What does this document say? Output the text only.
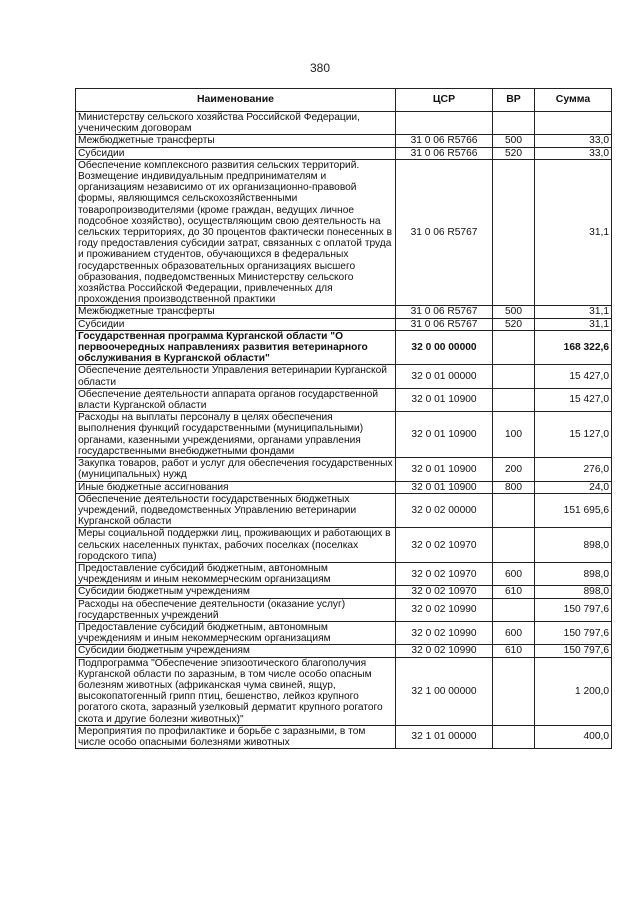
380
Наименование	ЦСР	ВР	Сумма
Министерству сельского хозяйства Российской Федерации, ученическим договорам			
Межбюджетные трансферты	31 0 06 R5766	500	33,0
Субсидии	31 0 06 R5766	520	33,0
Обеспечение комплексного развития сельских территорий. Возмещение индивидуальным предпринимателям и организациям независимо от их организационно-правовой формы, являющимся сельскохозяйственными товаропроизводителями (кроме граждан, ведущих личное подсобное хозяйство), осуществляющим свою деятельность на сельских территориях, до 30 процентов фактически понесенных в году предоставления субсидии затрат, связанных с оплатой труда и проживанием студентов, обучающихся в федеральных государственных образовательных организациях высшего образования, подведомственных Министерству сельского хозяйства Российской Федерации, привлеченных для прохождения производственной практики	31 0 06 R5767		31,1
Межбюджетные трансферты	31 0 06 R5767	500	31,1
Субсидии	31 0 06 R5767	520	31,1
Государственная программа Курганской области "О первоочередных направлениях развития ветеринарного обслуживания в Курганской области"	32 0 00 00000		168 322,6
Обеспечение деятельности Управления ветеринарии Курганской области	32 0 01 00000		15 427,0
Обеспечение деятельности аппарата органов государственной власти Курганской области	32 0 01 10900		15 427,0
Расходы на выплаты персоналу в целях обеспечения выполнения функций государственными (муниципальными) органами, казенными учреждениями, органами управления государственными внебюджетными фондами	32 0 01 10900	100	15 127,0
Закупка товаров, работ и услуг для обеспечения государственных (муниципальных) нужд	32 0 01 10900	200	276,0
Иные бюджетные ассигнования	32 0 01 10900	800	24,0
Обеспечение деятельности государственных бюджетных учреждений, подведомственных Управлению ветеринарии Курганской области	32 0 02 00000		151 695,6
Меры социальной поддержки лиц, проживающих и работающих в сельских населенных пунктах, рабочих поселках (поселках городского типа)	32 0 02 10970		898,0
Предоставление субсидий бюджетным, автономным учреждениям и иным некоммерческим организациям	32 0 02 10970	600	898,0
Субсидии бюджетным учреждениям	32 0 02 10970	610	898,0
Расходы на обеспечение деятельности (оказание услуг) государственных учреждений	32 0 02 10990		150 797,6
Предоставление субсидий бюджетным, автономным учреждениям и иным некоммерческим организациям	32 0 02 10990	600	150 797,6
Субсидии бюджетным учреждениям	32 0 02 10990	610	150 797,6
Подпрограмма "Обеспечение эпизоотического благополучия Курганской области по заразным, в том числе особо опасным болезням животных (африканская чума свиней, ящур, высокопатогенный грипп птиц, бешенство, лейкоз крупного рогатого скота, заразный узелковый дерматит крупного рогатого скота и другие болезни животных)"	32 1 00 00000		1 200,0
Мероприятия по профилактике и борьбе с заразными, в том числе особо опасными болезнями животных	32 1 01 00000		400,0
